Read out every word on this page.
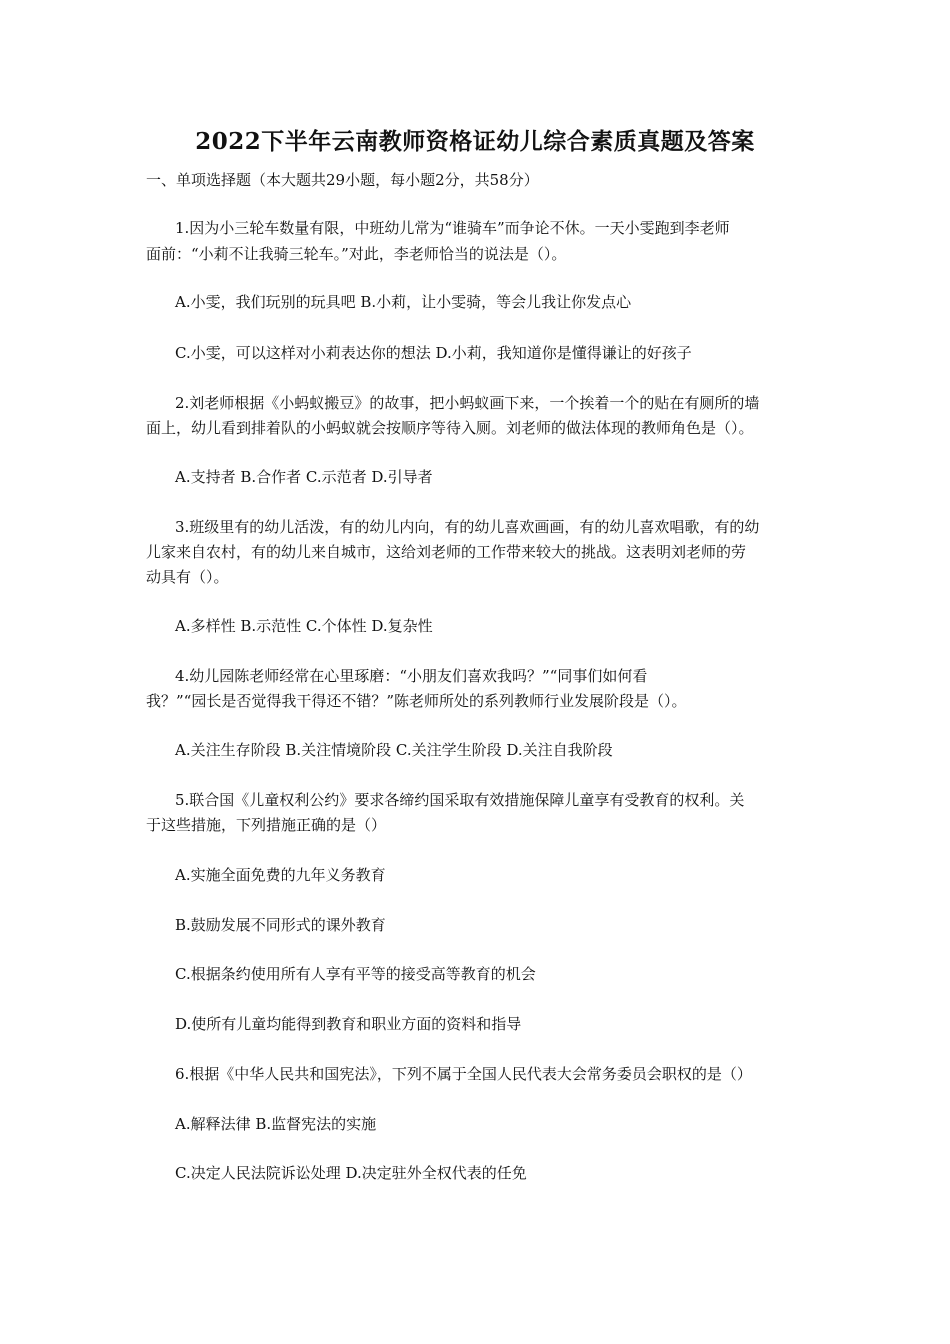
2022下半年云南教师资格证幼儿综合素质真题及答案
一、单项选择题（本大题共29小题，每小题2分，共58分）
1.因为小三轮车数量有限，中班幼儿常为“谁骑车”而争论不休。一天小雯跑到李老师
面前：“小莉不让我骑三轮车。”对此，李老师恰当的说法是（）。
A.小雯，我们玩别的玩具吧 B.小莉，让小雯骑，等会儿我让你发点心
C.小雯，可以这样对小莉表达你的想法 D.小莉，我知道你是懂得谦让的好孩子
2.刘老师根据《小蚂蚁搬豆》的故事，把小蚂蚁画下来，一个挨着一个的贴在有厕所的墙
面上，幼儿看到排着队的小蚂蚁就会按顺序等待入厕。刘老师的做法体现的教师角色是（）。
A.支持者 B.合作者 C.示范者 D.引导者
3.班级里有的幼儿活泼，有的幼儿内向，有的幼儿喜欢画画，有的幼儿喜欢唱歌，有的幼
儿家来自农村，有的幼儿来自城市，这给刘老师的工作带来较大的挑战。这表明刘老师的劳
动具有（）。
A.多样性 B.示范性 C.个体性 D.复杂性
4.幼儿园陈老师经常在心里琢磨：“小朋友们喜欢我吗？”“同事们如何看
我？”“园长是否觉得我干得还不错？”陈老师所处的系列教师行业发展阶段是（）。
A.关注生存阶段 B.关注情境阶段 C.关注学生阶段 D.关注自我阶段
5.联合国《儿童权利公约》要求各缔约国采取有效措施保障儿童享有受教育的权利。关
于这些措施，下列措施正确的是（）
A.实施全面免费的九年义务教育
B.鼓励发展不同形式的课外教育
C.根据条约使用所有人享有平等的接受高等教育的机会
D.使所有儿童均能得到教育和职业方面的资料和指导
6.根据《中华人民共和国宪法》，下列不属于全国人民代表大会常务委员会职权的是（）
A.解释法律 B.监督宪法的实施
C.决定人民法院诉讼处理 D.决定驻外全权代表的任免
